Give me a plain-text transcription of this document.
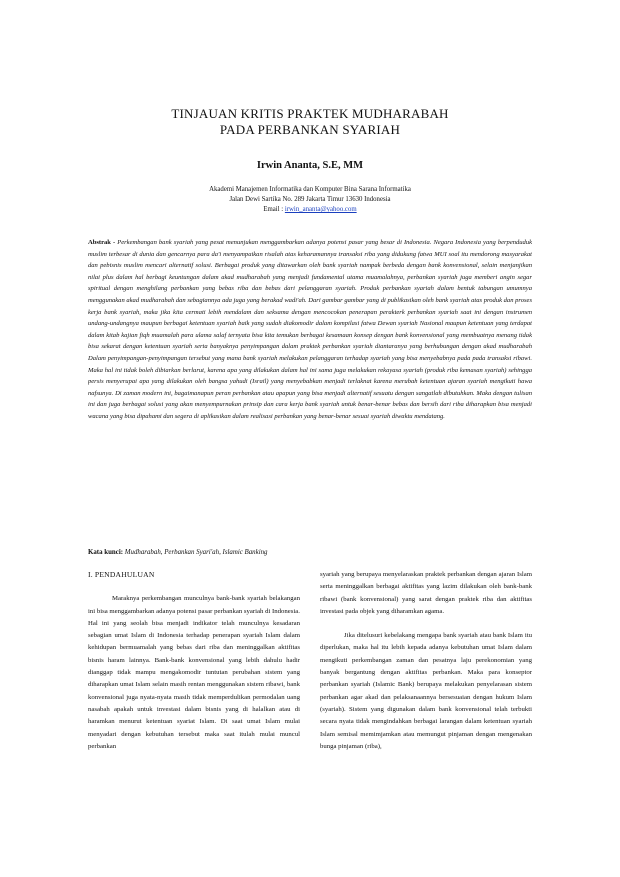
TINJAUAN KRITIS PRAKTEK MUDHARABAH
PADA PERBANKAN SYARIAH
Irwin Ananta, S.E, MM
Akademi Manajemen Informatika dan Komputer Bina Sarana Informatika
Jalan Dewi Sartika No. 289 Jakarta Timur 13630 Indonesia
Email : irwin_ananta@yahoo.com
Abstrak - Perkembangan bank syariah yang pesat menunjukan menggambarkan adanya potensi pasar yang besar di Indonesia. Negara Indonesia yang berpenduduk muslim terbesar di dunia dan gencarnya para da'i menyampaikan risalah atas keharamannya transaksi riba yang didukung fatwa MUI soal itu mendorong masyarakat dan pebisnis muslim mencari alternatif solusi. Berbagai produk yang ditawarkan oleh bank syariah nampak berbeda dengan bank konvensional, selain menjanjikan nilai plus dalam hal berbagi keuntungan dalam akad mudharabah yang menjadi fundamental utama muamalahnya, perbankan syariah juga memberi angin segar spiritual dengan menghilang perbankan yang bebas riba dan bebas dari pelanggaran syariah. Produk perbankan syariah dalam bentuk tabungan umumnya menggunakan akad mudharabah dan sebagiannya ada juga yang berakad wadi'ah. Dari gambar gambar yang di publikasikan oleh bank syariah atas produk dan proses kerja bank syariah, maka jika kita cermati lebih mendalam dan seksama dengan mencocokan penerapan perakterk perbankan syariah saat ini dengan instrumen undang-undangnya maupun berbagai ketentuan syariah baik yang sudah diakomodir dalam kompilasi fatwa Dewan syariah Nasional maupun ketentuan yang terdapat dalam kitab kajian fiqh muamalah para ulama salaf ternyata bisa kita temukan berbagai kesamaan konsep dengan bank konvensional yang membuatnya menang tidak bisa sekarat dengan ketentuan syariah serta banyaknya penyimpangan dalam praktek perbankan syariah diantaranya yang berhubungan dengan akad mudharabah Dalam penyimpangan-penyimpangan tersebut yang mana bank syariah melakukan pelanggaran terhadap syariah yang bisa menyebabnya pada pada transaksi ribawi. Maka hal ini tidak boleh dibiarkan berlarut, karena apa yang dilakukan dalam hal ini sama juga melakukan rekayasa syariah (produk riba kemasan syariah) sehingga persis menyerupai apa yang dilakukan oleh bangsa yahudi (Israil) yang menyebabkan menjadi terlaknat karena merubah ketentuan ajaran syariah mengikuti hawa nafsunya. Di zaman modern ini, bagaimanapun peran perbankan atau apapun yang bisa menjadi alternatif sesuatu dengan sangatlah dibutuhkan. Maka dengan tulisan ini dan juga berbagai solusi yang akan menyempurnakan prinsip dan cara kerja bank syariah untuk benar-benar bebas dan bersih dari riba diharapkan bisa menjadi wacana yang bisa dipahami dan segera di aplikasikan dalam realisasi perbankan yang benar-benar sesuai syariah diwaktu mendatang.
Kata kunci: Mudharabah, Perbankan Syari'ah, Islamic Banking
I. PENDAHULUAN

Maraknya perkembangan munculnya bank-bank syariah belakangan ini bisa menggambarkan adanya potensi pasar perbankan syariah di Indonesia. Hal ini yang seolah bisa menjadi indikator telah munculnya kesadaran sebagian umat Islam di Indonesia terhadap penerapan syariah Islam dalam kehidupan bermuamalah yang bebas dari riba dan meninggalkan aktifitas bisnis haram lainnya. Bank-bank konvensional yang lebih dahulu hadir dianggap tidak mampu mengakomodir tuntutan perubahan sistem yang diharapkan umat Islam selain masih rentan menggunakan sistem ribawi, bank konvensional juga nyata-nyata masih tidak memperdulikan permodalan uang nasabah apakah untuk investasi dalam bisnis yang di halalkan atau di haramkan menurut ketentuan syariat Islam. Di saat umat Islam mulai menyadari dengan kebutuhan tersebut maka saat itulah mulai muncul perbankan

syariah yang berupaya menyelaraskan praktek perbankan dengan ajaran Islam serta meninggalkan berbagai aktifitas yang lazim dilakukan oleh bank-bank ribawi (bank konvensional) yang sarat dengan praktek riba dan aktifitas investasi pada objek yang diharamkan agama.

Jika ditelusuri kebelakang mengapa bank syariah atau bank Islam itu diperlukan, maka hal itu lebih kepada adanya kebutuhan umat Islam dalam mengikuti perkembangan zaman dan pesatnya laju perekonomian yang banyak bergantung dengan aktifitas perbankan. Maka para konseptor perbankan syariah (Islamic Bank) berupaya melakukan penyelarasan sistem perbankan agar akad dan pelaksanaannya bersesuaian dengan hukum Islam (syariah). Sistem yang digunakan dalam bank konvensional telah terbukti secara nyata tidak mengindahkan berbagai larangan dalam ketentuan syariah Islam semisal memimjamkan atau memungut pinjaman dengan mengenakan bunga pinjaman (riba),
